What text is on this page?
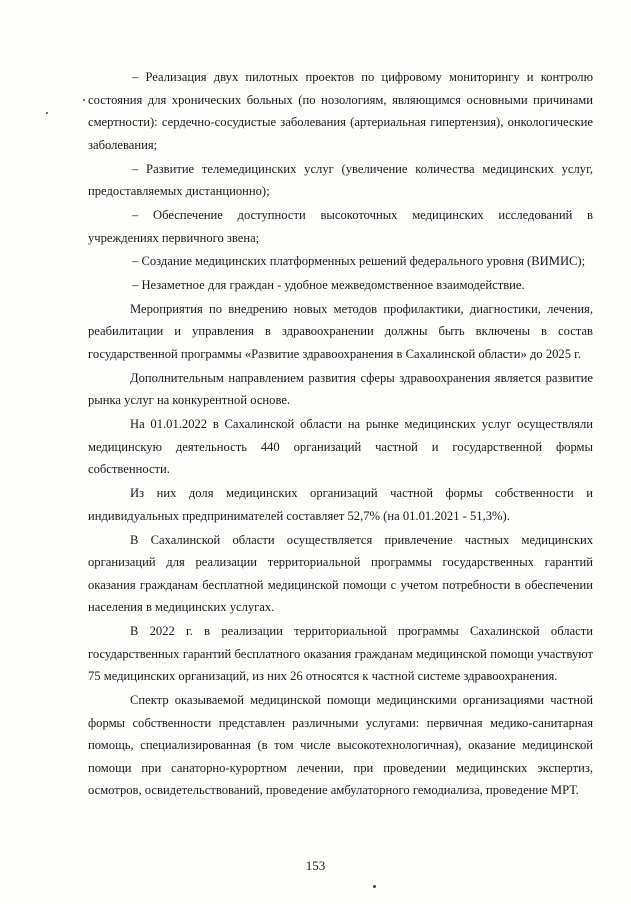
– Реализация двух пилотных проектов по цифровому мониторингу и контролю состояния для хронических больных (по нозологиям, являющимся основными причинами смертности): сердечно-сосудистые заболевания (артериальная гипертензия), онкологические заболевания;

– Развитие телемедицинских услуг (увеличение количества медицинских услуг, предоставляемых дистанционно);

– Обеспечение доступности высокоточных медицинских исследований в учреждениях первичного звена;

– Создание медицинских платформенных решений федерального уровня (ВИМИС);

– Незаметное для граждан - удобное межведомственное взаимодействие.

Мероприятия по внедрению новых методов профилактики, диагностики, лечения, реабилитации и управления в здравоохранении должны быть включены в состав государственной программы «Развитие здравоохранения в Сахалинской области» до 2025 г.

Дополнительным направлением развития сферы здравоохранения является развитие рынка услуг на конкурентной основе.

На 01.01.2022 в Сахалинской области на рынке медицинских услуг осуществляли медицинскую деятельность 440 организаций частной и государственной формы собственности.

Из них доля медицинских организаций частной формы собственности и индивидуальных предпринимателей составляет 52,7% (на 01.01.2021 - 51,3%).

В Сахалинской области осуществляется привлечение частных медицинских организаций для реализации территориальной программы государственных гарантий оказания гражданам бесплатной медицинской помощи с учетом потребности в обеспечении населения в медицинских услугах.

В 2022 г. в реализации территориальной программы Сахалинской области государственных гарантий бесплатного оказания гражданам медицинской помощи участвуют 75 медицинских организаций, из них 26 относятся к частной системе здравоохранения.

Спектр оказываемой медицинской помощи медицинскими организациями частной формы собственности представлен различными услугами: первичная медико-санитарная помощь, специализированная (в том числе высокотехнологичная), оказание медицинской помощи при санаторно-курортном лечении, при проведении медицинских экспертиз, осмотров, освидетельствований, проведение амбулаторного гемодиализа, проведение МРТ.

153
